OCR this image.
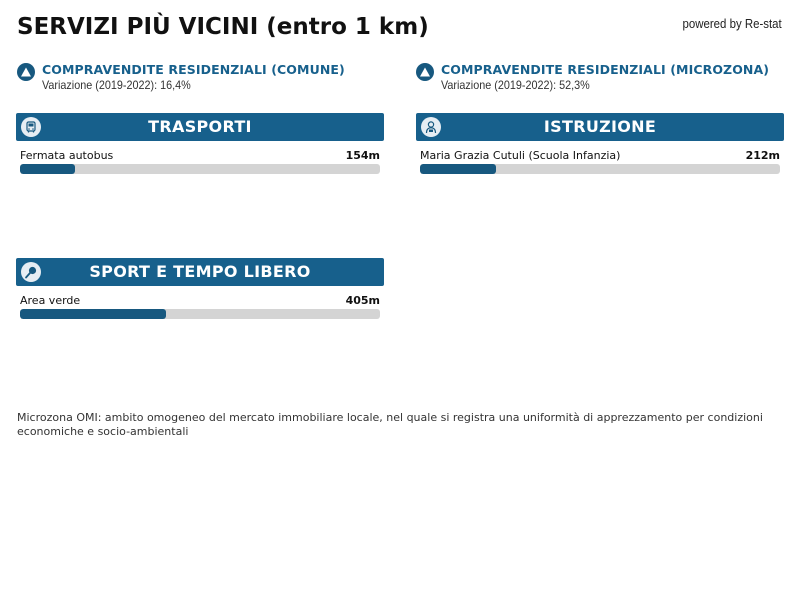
SERVIZI PIÙ VICINI (entro 1 km)	powered by Re-stat
COMPRAVENDITE RESIDENZIALI (COMUNE)
Variazione (2019-2022): 16,4%
COMPRAVENDITE RESIDENZIALI (MICROZONA)
Variazione (2019-2022): 52,3%
TRASPORTI
Fermata autobus	154m
ISTRUZIONE
Maria Grazia Cutuli (Scuola Infanzia)	212m
SPORT E TEMPO LIBERO
Area verde	405m
Microzona OMI: ambito omogeneo del mercato immobiliare locale, nel quale si registra una uniformità di apprezzamento per condizioni economiche e socio-ambientali
